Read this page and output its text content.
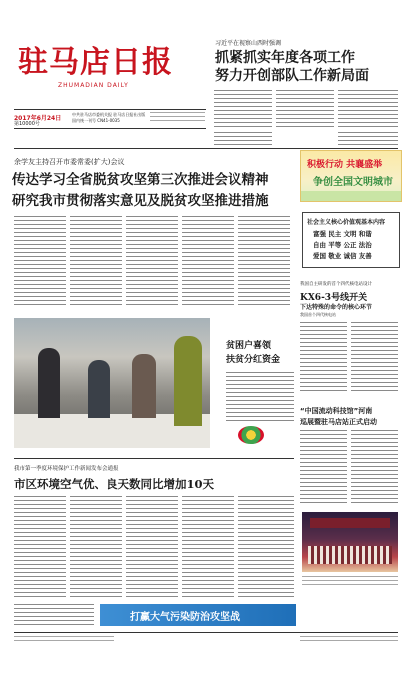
驻马店日报
ZHUMADIAN DAILY
2017年6月24日
第10000号
中共驻马店市委机关报 驻马店日报社出版
国内统一刊号 CN41-0035
习近平在视察山西时强调
抓紧抓实年度各项工作
努力开创部队工作新局面
余学友主持召开市委常委(扩大)会议
传达学习全省脱贫攻坚第三次推进会议精神
研究我市贯彻落实意见及脱贫攻坚推进措施
积极行动 共襄盛举
争创全国文明城市
社会主义核心价值观基本内容
富强 民主 文明 和谐
自由 平等 公正 法治
爱国 敬业 诚信 友善
我国自主研发的首个四代核电站设计
KX6-3号线开关
下达特殊的命令的核心环节
我国首个四代核电站
“中国流动科技馆”河南
巡展暨驻马店站正式启动
贫困户喜领
扶贫分红资金
我市第一季度环境保护工作新闻发布会通报
市区环境空气优、良天数同比增加10天
打赢大气污染防治攻坚战
